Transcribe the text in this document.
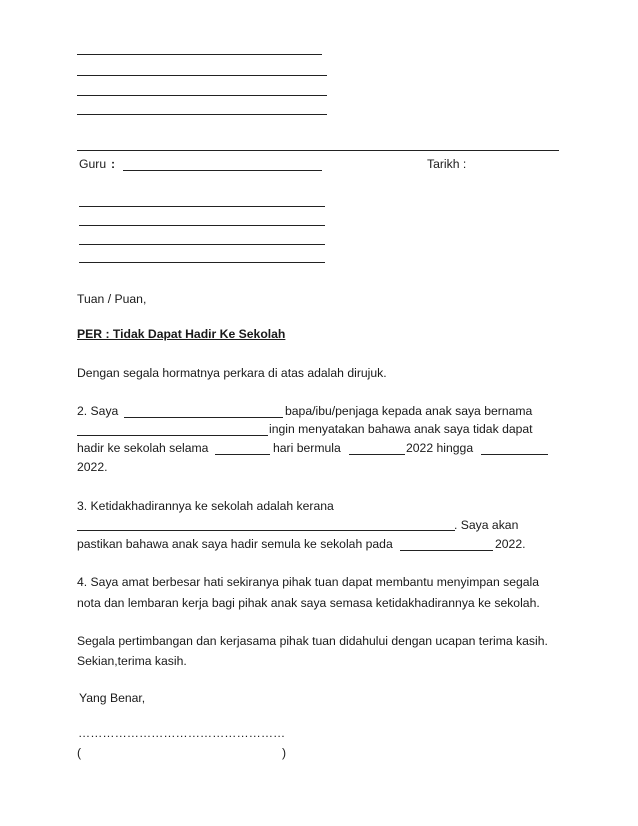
Guru :	Tarikh :
Tuan / Puan,
PER : Tidak Dapat Hadir Ke Sekolah
Dengan segala hormatnya perkara di atas adalah dirujuk.
2. Saya	bapa/ibu/penjaga kepada anak saya bernama
ingin menyatakan bahawa anak saya tidak dapat
hadir ke sekolah selama	hari bermula	2022 hingga
2022.
3. Ketidakhadirannya ke sekolah adalah kerana
. Saya akan
pastikan bahawa anak saya hadir semula ke sekolah pada	2022.
4. Saya amat berbesar hati sekiranya pihak tuan dapat membantu menyimpan segala
nota dan lembaran kerja bagi pihak anak saya semasa ketidakhadirannya ke sekolah.
Segala pertimbangan dan kerjasama pihak tuan didahului dengan ucapan terima kasih.
Sekian,terima kasih.
Yang Benar,
……………………………………………
(	)
